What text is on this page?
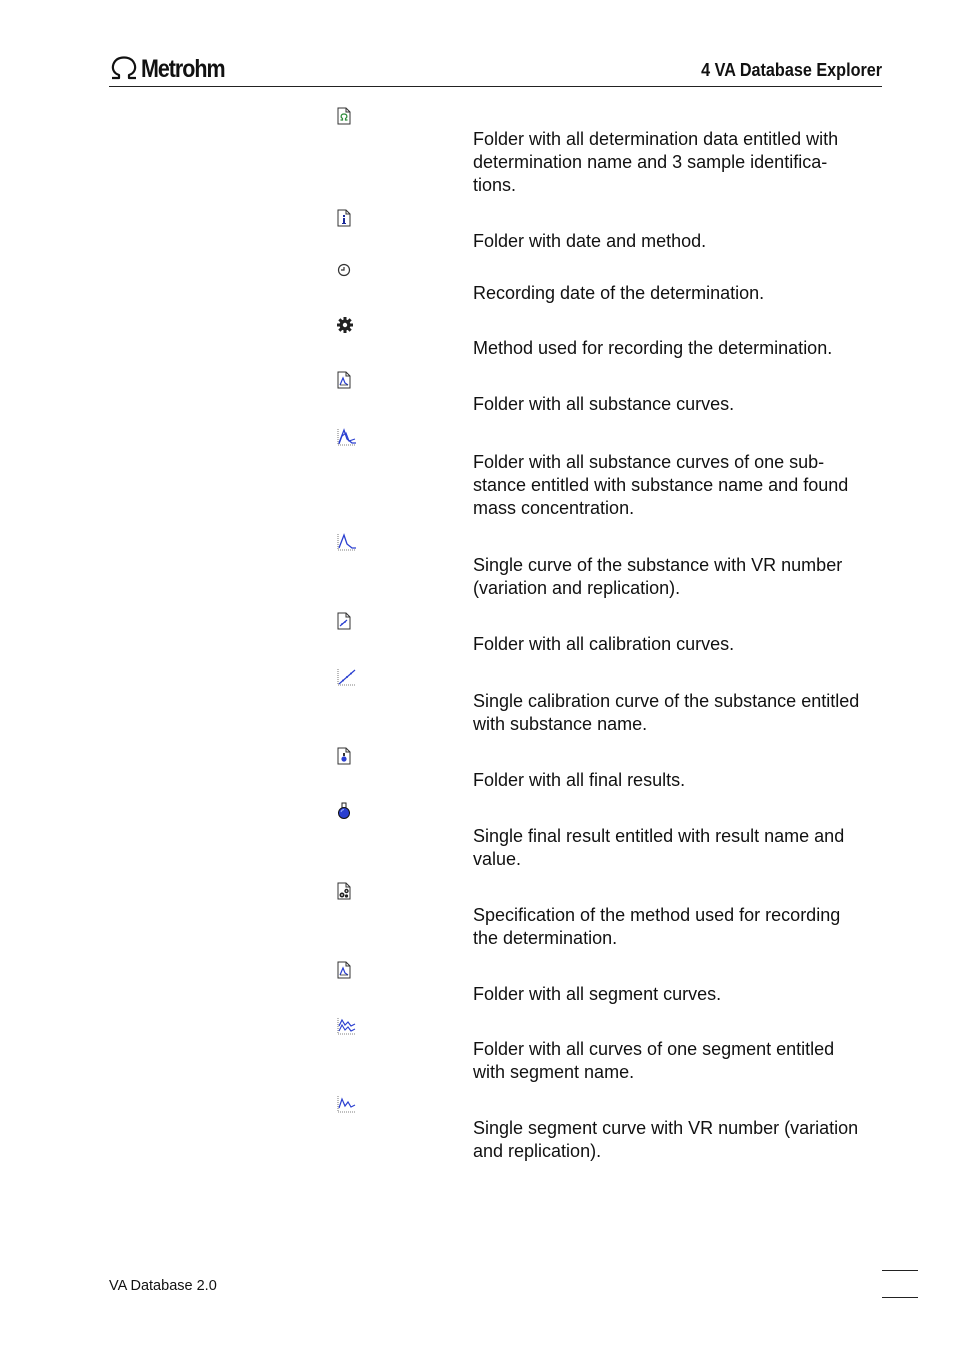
Metrohm	4 VA Database Explorer
Folder with all determination data entitled with
determination name and 3 sample identifica-
tions.
Folder with date and method.
Recording date of the determination.
Method used for recording the determination.
Folder with all substance curves.
Folder with all substance curves of one sub-
stance entitled with substance name and found
mass concentration.
Single curve of the substance with VR number
(variation and replication).
Folder with all calibration curves.
Single calibration curve of the substance entitled
with substance name.
Folder with all final results.
Single final result entitled with result name and
value.
Specification of the method used for recording
the determination.
Folder with all segment curves.
Folder with all curves of one segment entitled
with segment name.
Single segment curve with VR number (variation
and replication).
VA Database 2.0
